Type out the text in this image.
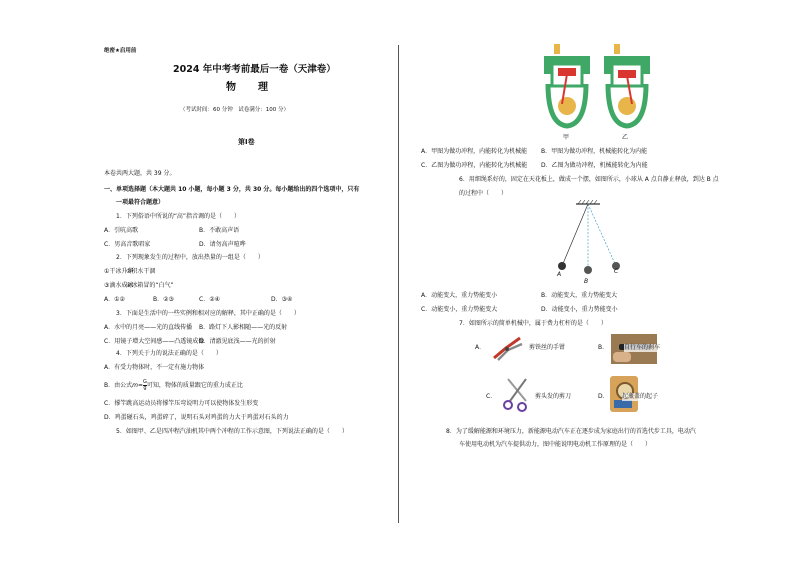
绝密★启用前
2024 年中考考前最后一卷（天津卷）
物　理
（考试时间：60 分钟　试卷满分：100 分）
第Ⅰ卷
本卷共两大题，共 39 分。
一、单项选择题（本大题共 10 小题，每小题 3 分，共 30 分。每小题给出的四个选项中，只有
一项最符合题意）
1．下列俗语中所说的“高”指音调的是（　　）
A．引吭高歌	B．不敢高声语
C．男高音歌唱家	D．请勿高声喧哗
2．下列现象发生的过程中，放出热量的一组是（　　）
①干冰升华
②积水干涸
③滴水成冰
④冰箱冒的“白气”
A．①②	B．②③	C．②④	D．③④
3．下面是生活中的一些实例和相对应的解释，其中正确的是（　　）
A．水中的月亮——光的直线传播 B．路灯下人影相随——光的反射
C．用镜子增大空间感——凸透镜成像
D．清澈见底浅——光的折射
4．下列关于力的说法正确的是（　　）
A．有受力物体时，不一定有施力物体
B．由公式$m= \frac{G}{g}$ 可知，物体的质量跟它的重力成正比
C．撑竿跳高运动员将撑竿压弯说明力可以使物体发生形变
D．鸡蛋碰石头，鸡蛋碎了，说明石头对鸡蛋的力大于鸡蛋对石头的力
5．如图甲、乙是四冲程汽油机其中两个冲程的工作示意图，下列说法正确的是（　　）
甲	乙
A．甲图为做功冲程，内能转化为机械能 B．甲图为做功冲程，机械能转化为内能
C．乙图为做功冲程，内能转化为机械能 D．乙图为做功冲程，机械能转化为内能
6．用细绳系好的，固定在天花板上，做成一个摆，如图所示，小球从 A 点自静止释放，到达 B 点
的过程中（　　）
A
B
C
A．动能变大，重力势能变小	B．动能变大，重力势能变大
C．动能变小，重力势能变大	D．动能变小，重力势能变小
7．如图所示的简单机械中，属于费力杠杆的是（　　）
A．	剪铁丝的手钳	B．	自行车的刹车
C．	剪头发的剪刀	D． 起瓶盖的起子
8．为了缓解能源和环境压力，新能源电动汽车正在逐步成为家庭出行的首选代步工具，电动汽
车使用电动机为汽车提供动力，图中能说明电动机工作原理的是（　　）
